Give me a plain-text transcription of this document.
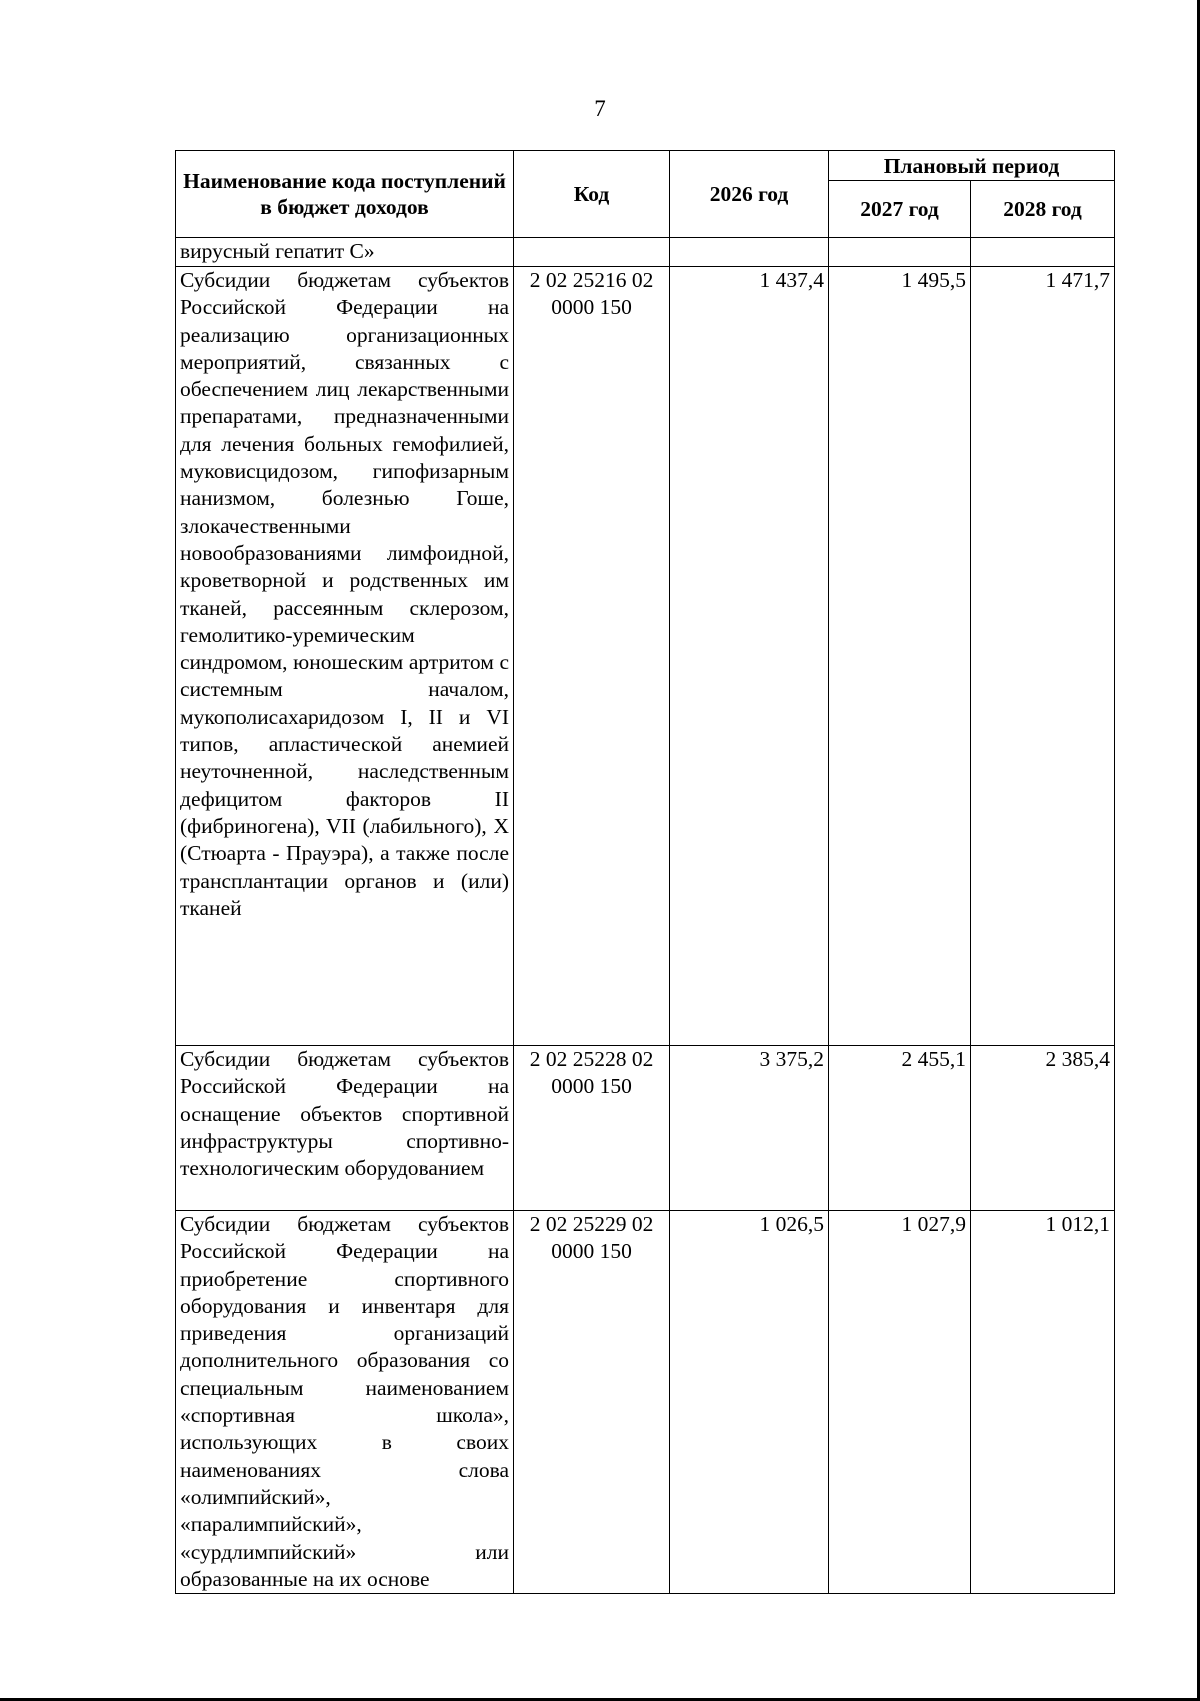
7
Наименование кода поступлений в бюджет доходов	Код	2026 год	Плановый период	
			2027 год	2028 год
вирусный гепатит С»				
Субсидии бюджетам субъектов Российской Федерации на реализацию организационных мероприятий, связанных с обеспечением лиц лекарственными препаратами, предназначенными для лечения больных гемофилией, муковисцидозом, гипофизарным нанизмом, болезнью Гоше, злокачественными новообразованиями лимфоидной, кроветворной и родственных им тканей, рассеянным склерозом, гемолитико-уремическим синдромом, юношеским артритом с системным началом, мукополисахаридозом I, II и VI типов, апластической анемией неуточненной, наследственным дефицитом факторов II (фибриногена), VII (лабильного), X (Стюарта - Прауэра), а также после трансплантации органов и (или) тканей	2 02 25216 02 0000 150	1 437,4	1 495,5	1 471,7
Субсидии бюджетам субъектов Российской Федерации на оснащение объектов спортивной инфраструктуры спортивно-технологическим оборудованием	2 02 25228 02 0000 150	3 375,2	2 455,1	2 385,4
Субсидии бюджетам субъектов Российской Федерации на приобретение спортивного оборудования и инвентаря для приведения организаций дополнительного образования со специальным наименованием «спортивная школа», использующих в своих наименованиях слова «олимпийский», «паралимпийский», «сурдлимпийский» или образованные на их основе	2 02 25229 02 0000 150	1 026,5	1 027,9	1 012,1
